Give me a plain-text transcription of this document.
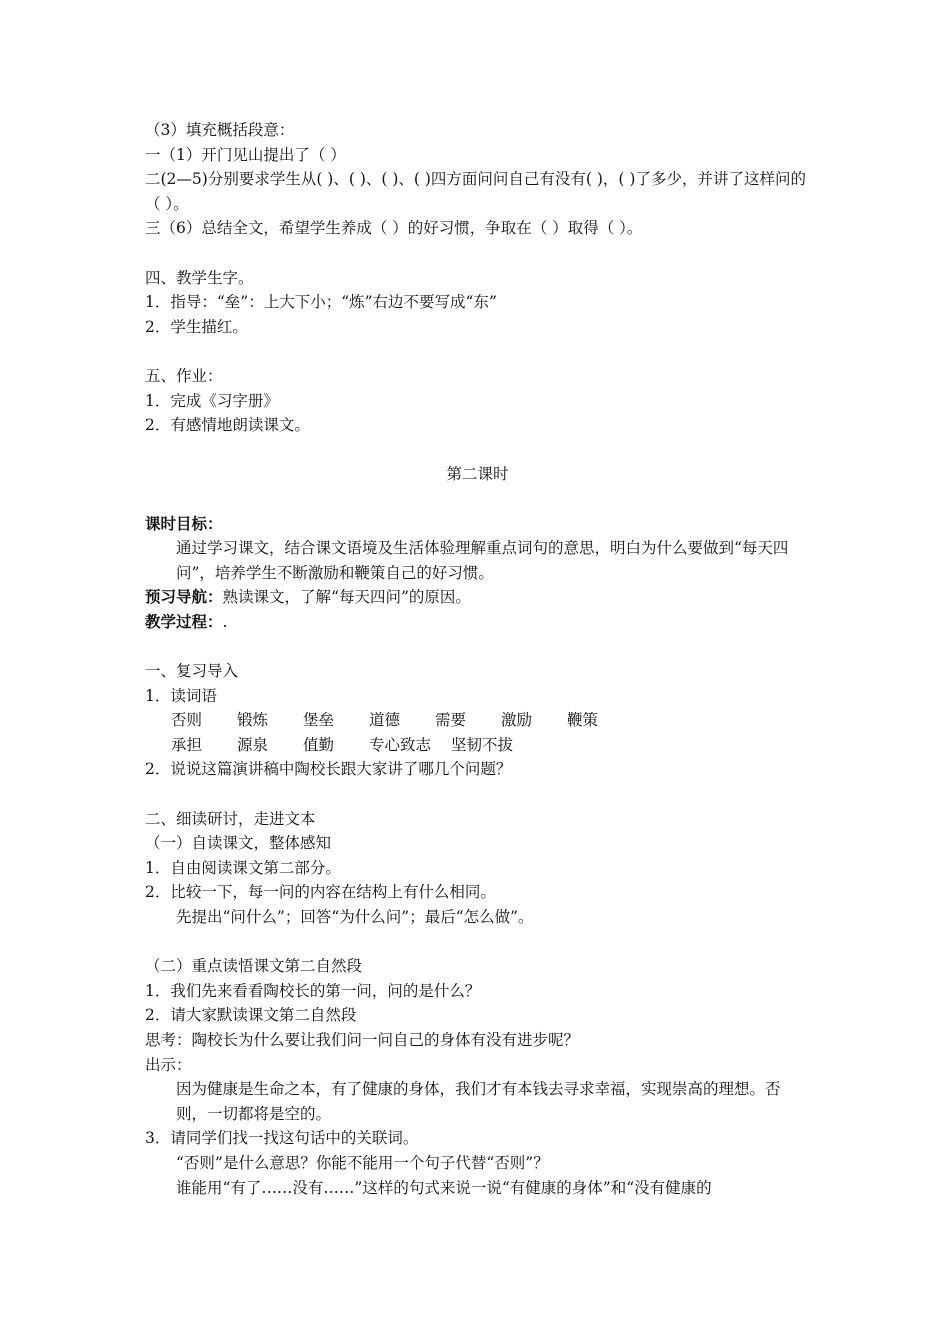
（3）填充概括段意：
一（1）开门见山提出了（ ）
二(2—5)分别要求学生从( )、( )、( )、( )四方面问问自己有没有( )，( )了多少，并讲了这样问的（ ）。
三（6）总结全文，希望学生养成（ ）的好习惯，争取在（ ）取得（ ）。
四、教学生字。
1．指导：“垒”：上大下小；“炼”右边不要写成“东”
2．学生描红。
五、作业：
1．完成《习字册》
2．有感情地朗读课文。
第二课时
课时目标：
通过学习课文，结合课文语境及生活体验理解重点词句的意思，明白为什么要做到“每天四问”，培养学生不断激励和鞭策自己的好习惯。
预习导航：熟读课文，了解“每天四问”的原因。
教学过程：.
一、复习导入
1．读词语
否则	锻炼	堡垒	道德	需要	激励	鞭策
承担	源泉	值勤	专心致志	坚韧不拔
2．说说这篇演讲稿中陶校长跟大家讲了哪几个问题？
二、细读研讨，走进文本
（一）自读课文，整体感知
1．自由阅读课文第二部分。
2．比较一下，每一问的内容在结构上有什么相同。
先提出“问什么”；回答“为什么问”；最后“怎么做”。
（二）重点读悟课文第二自然段
1．我们先来看看陶校长的第一问，问的是什么？
2．请大家默读课文第二自然段
思考：陶校长为什么要让我们问一问自己的身体有没有进步呢？
出示：
因为健康是生命之本，有了健康的身体，我们才有本钱去寻求幸福，实现崇高的理想。否则，一切都将是空的。
3．请同学们找一找这句话中的关联词。
“否则”是什么意思？你能不能用一个句子代替“否则”？
谁能用“有了……没有……”这样的句式来说一说“有健康的身体”和“没有健康的
